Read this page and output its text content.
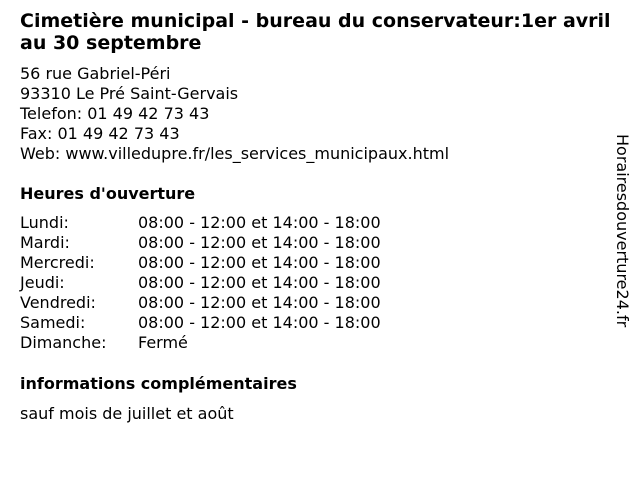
Cimetière municipal - bureau du conservateur:1er avril au 30 septembre
56 rue Gabriel-Péri
93310 Le Pré Saint-Gervais
Telefon: 01 49 42 73 43
Fax: 01 49 42 73 43
Web: www.villedupre.fr/les_services_municipaux.html
Heures d'ouverture
Lundi:	08:00 - 12:00 et 14:00 - 18:00
Mardi:	08:00 - 12:00 et 14:00 - 18:00
Mercredi:	08:00 - 12:00 et 14:00 - 18:00
Jeudi:	08:00 - 12:00 et 14:00 - 18:00
Vendredi:	08:00 - 12:00 et 14:00 - 18:00
Samedi:	08:00 - 12:00 et 14:00 - 18:00
Dimanche:	Fermé
informations complémentaires
sauf mois de juillet et août
Horairesdouverture24.fr
